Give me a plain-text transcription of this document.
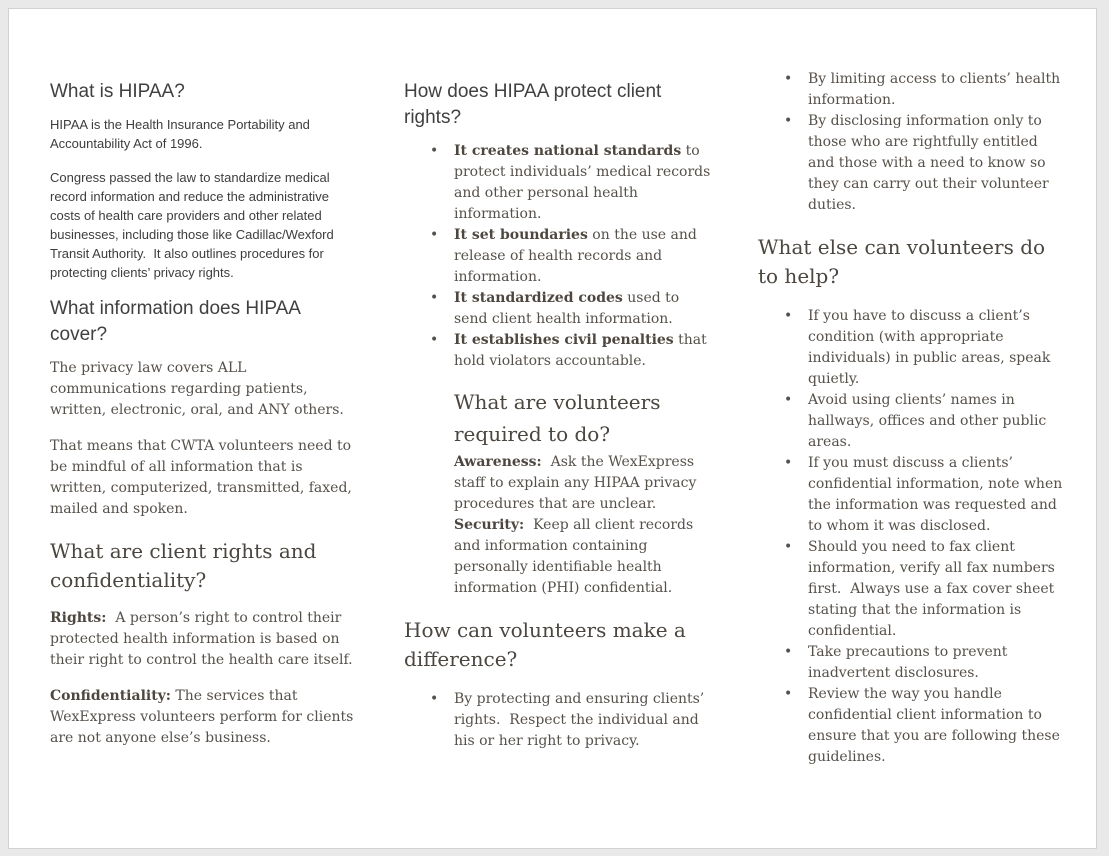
What is HIPAA?

HIPAA is the Health Insurance Portability and Accountability Act of 1996.

Congress passed the law to standardize medical record information and reduce the administrative costs of health care providers and other related businesses, including those like Cadillac/Wexford Transit Authority.  It also outlines procedures for protecting clients’ privacy rights.

What information does HIPAA cover?

The privacy law covers ALL communications regarding patients, written, electronic, oral, and ANY others.

That means that CWTA volunteers need to be mindful of all information that is written, computerized, transmitted, faxed, mailed and spoken.

What are client rights and confidentiality?

Rights:  A person’s right to control their protected health information is based on their right to control the health care itself.

Confidentiality: The services that WexExpress volunteers perform for clients are not anyone else’s business.

How does HIPAA protect client rights?
• It creates national standards to protect individuals’ medical records and other personal health information.
• It set boundaries on the use and release of health records and information.
• It standardized codes used to send client health information.
• It establishes civil penalties that hold violators accountable.
What are volunteers required to do?

Awareness:  Ask the WexExpress staff to explain any HIPAA privacy procedures that are unclear.

Security:  Keep all client records and information containing personally identifiable health information (PHI) confidential.

How can volunteers make a difference?
• By protecting and ensuring clients’ rights.  Respect the individual and his or her right to privacy.
• By limiting access to clients’ health information.
• By disclosing information only to those who are rightfully entitled and those with a need to know so they can carry out their volunteer duties.
What else can volunteers do to help?
• If you have to discuss a client’s condition (with appropriate individuals) in public areas, speak quietly.
• Avoid using clients’ names in hallways, offices and other public areas.
• If you must discuss a clients’ confidential information, note when the information was requested and to whom it was disclosed.
• Should you need to fax client information, verify all fax numbers first.  Always use a fax cover sheet stating that the information is confidential.
• Take precautions to prevent inadvertent disclosures.
• Review the way you handle confidential client information to ensure that you are following these guidelines.
